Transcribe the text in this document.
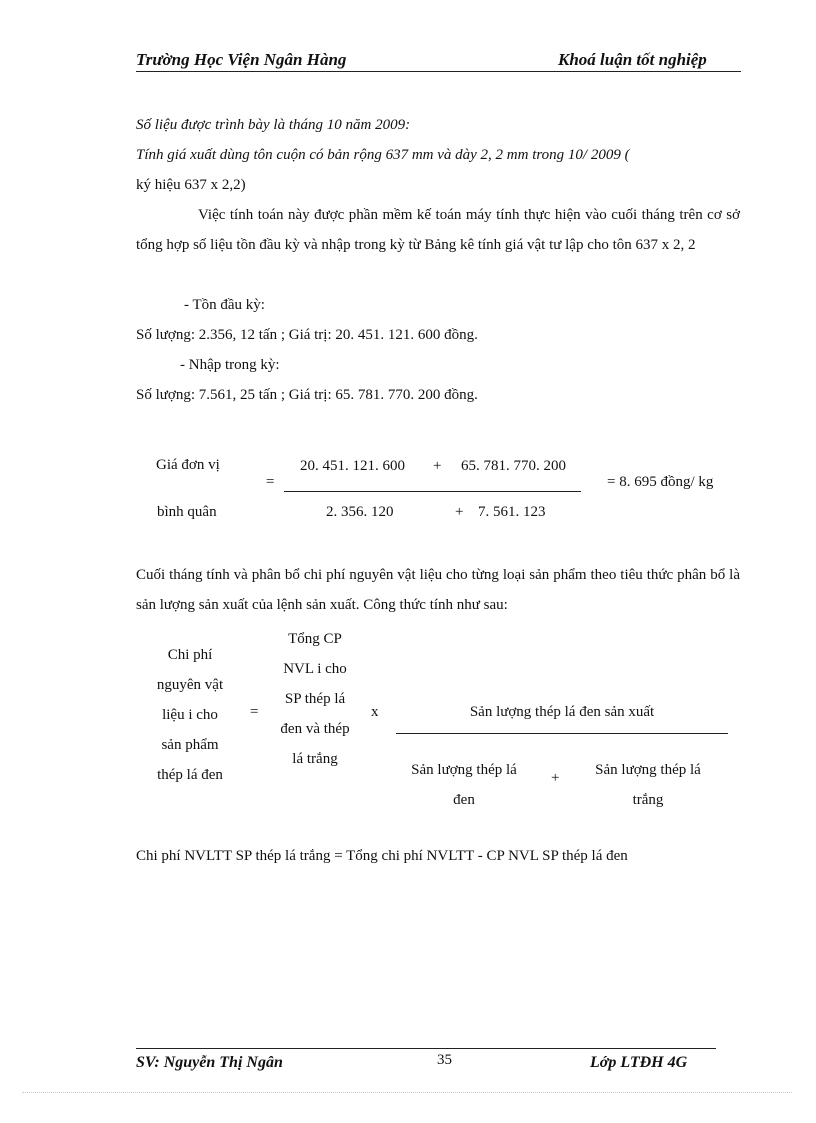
Trường Học Viện Ngân Hàng	Khoá luận tốt nghiệp
Số liệu được trình bày là tháng 10 năm 2009:
Tính giá xuất dùng tôn cuộn có bản rộng 637 mm và dày 2, 2 mm trong 10/ 2009 (
ký hiệu 637 x 2,2)
Việc tính toán này được phần mềm kế toán máy tính thực hiện vào cuối tháng trên cơ sở tổng hợp số liệu tồn đầu kỳ và nhập trong kỳ từ Bảng kê tính giá vật tư lập cho tôn 637 x 2, 2
- Tồn đầu kỳ:
Số lượng: 2.356, 12 tấn ; Giá trị: 20. 451. 121. 600 đồng.
- Nhập trong kỳ:
Số lượng: 7.561, 25 tấn ; Giá trị: 65. 781. 770. 200 đồng.
Giá đơn vị
bình quân
=
20. 451. 121. 600 + 65. 781. 770. 200
2. 356. 120	+ 7. 561. 123
= 8. 695 đồng/ kg
Cuối tháng tính và phân bổ chi phí nguyên vật liệu cho từng loại sản phẩm theo tiêu thức phân bổ là sản lượng sản xuất của lệnh sản xuất. Công thức tính như sau:
Chi phí
nguyên vật
liệu i cho
sản phẩm
thép lá đen
=
Tổng CP
NVL i cho
SP thép lá
đen và thép
lá trắng
x	Sản lượng thép lá đen sản xuất
Sản lượng thép lá
đen
+	Sản lượng thép lá
trắng
Chi phí NVLTT SP thép lá trắng = Tổng chi phí NVLTT - CP NVL SP thép lá đen
SV: Nguyễn Thị Ngân	35	Lớp LTĐH 4G
